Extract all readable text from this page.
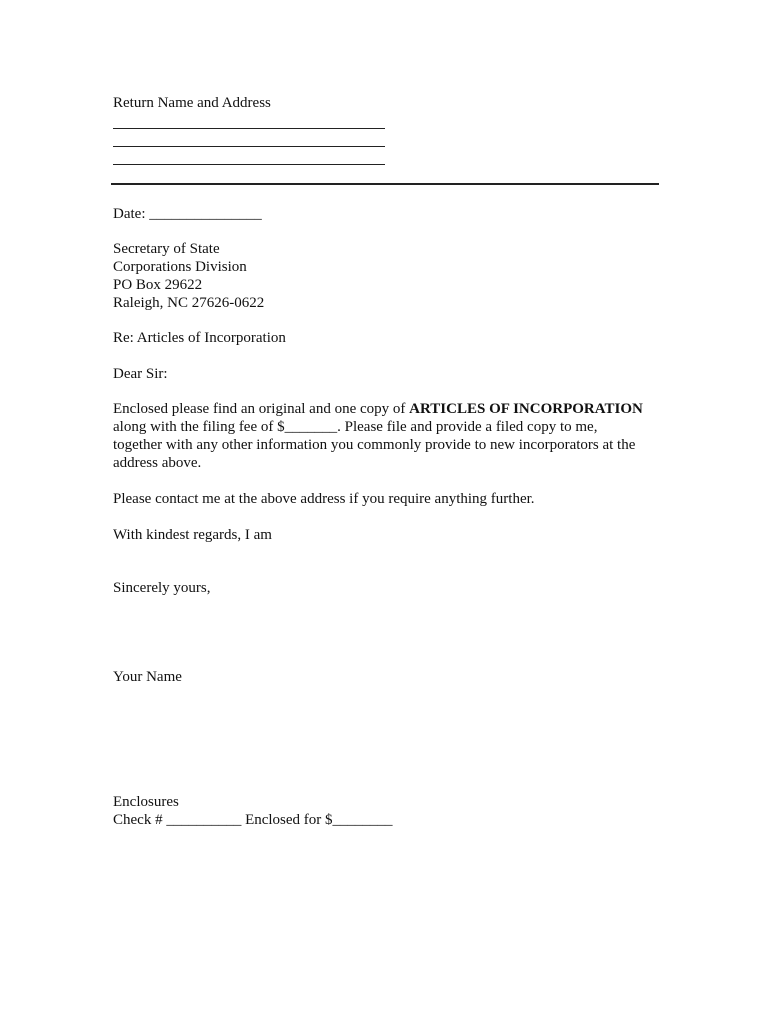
Return Name and Address
Date: _______________
Secretary of State
Corporations Division
PO Box 29622
Raleigh, NC 27626-0622
Re: Articles of Incorporation
Dear Sir:
Enclosed please find an original and one copy of ARTICLES OF INCORPORATION
along with the filing fee of $_______. Please file and provide a filed copy to me,
together with any other information you commonly provide to new incorporators at the
address above.
Please contact me at the above address if you require anything further.
With kindest regards, I am
Sincerely yours,
Your Name
Enclosures
Check # __________ Enclosed for $________
